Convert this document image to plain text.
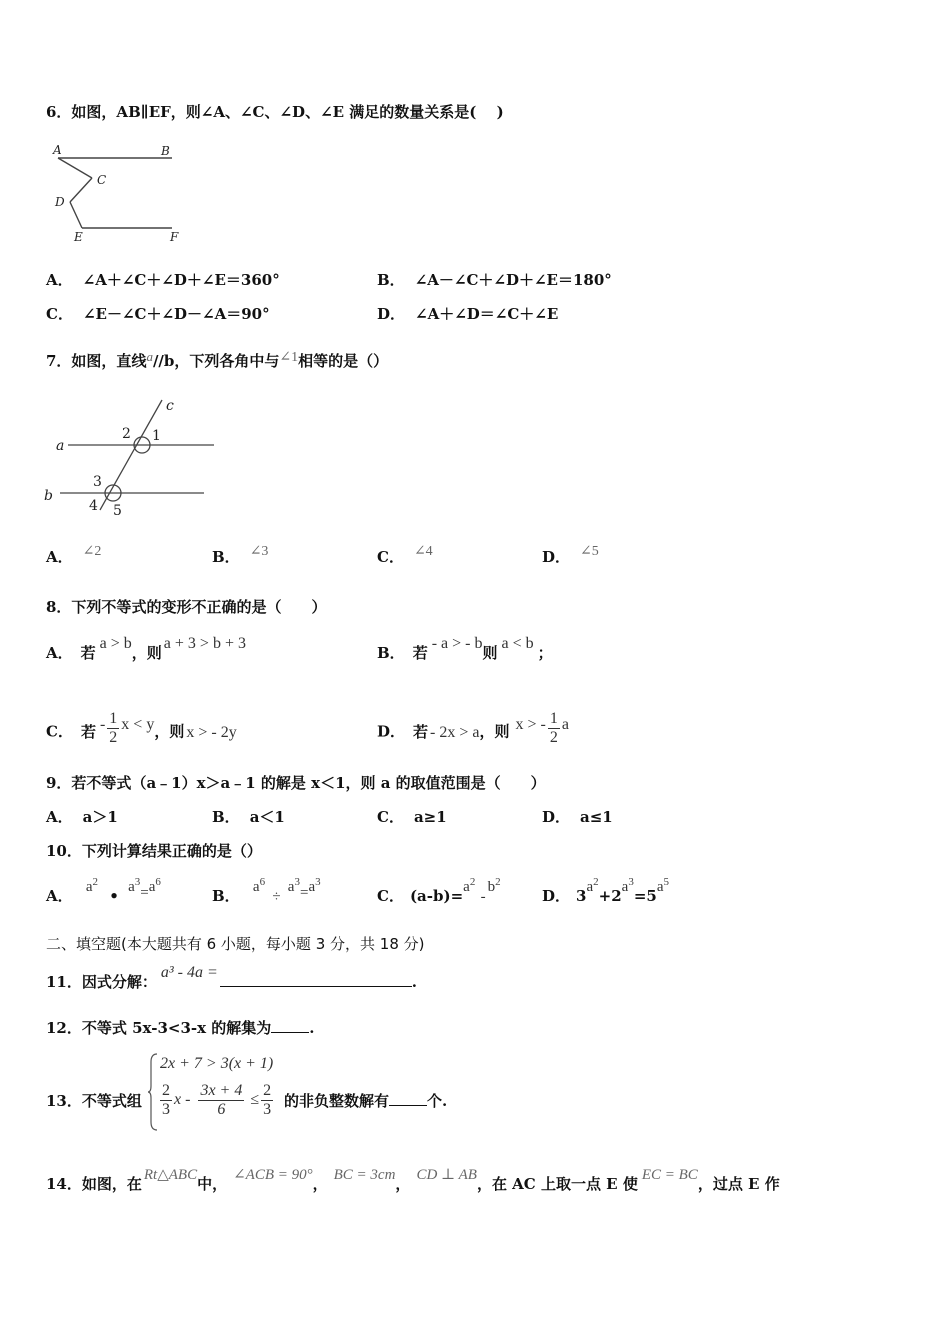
6．如图，AB∥EF，则∠A、∠C、∠D、∠E 满足的数量关系是(　 )
A	B
C
D
E	F
A． ∠A＋∠C＋∠D＋∠E＝360°	B． ∠A－∠C＋∠D＋∠E＝180°
C． ∠E－∠C＋∠D－∠A＝90°	D． ∠A＋∠D＝∠C＋∠E
7．如图，直线a//b，下列各角中与∠1相等的是（）
c
a
b
1
2
3
4 5
A． ∠2	B． ∠3	C． ∠4	D． ∠5
8．下列不等式的变形不正确的是（　　）
A． 若a > b，则a + 3 > b + 3
B． 若- a > - b则a < b；
C． 若 - $\frac{1}{2}$ x < y，则 x > - 2y	D． 若 - 2x > a，则 x > - $\frac{1}{2}$ a
9．若不等式（a﹣1）x＞a﹣1 的解是 x＜1，则 a 的取值范围是（　　）
A． a＞1	B． a＜1	C． a≥1	D． a≤1
10．下列计算结果正确的是（）
A． $a^2$ • $a^3=a^6$
B． $a^6 \div a^3=a^3$
C． $(a-b)=a^2$ $-b^2$
D． $3a^2+2a^3=5a^5$
二、填空题(本大题共有 6 小题，每小题 3 分，共 18 分)
11．因式分解：a³ - 4a =.
12．不等式 5x-3<3-x 的解集为	.
13．不等式组
2x + 7 > 3(x + 1)
$\frac{2}{3}$ $x - \frac{3x + 4}{6} \le \frac{2}{3}$ 的非负整数解有	个.
14．如图，在 Rt△ABC中， ∠ACB = 90°， BC = 3cm， CD ⊥ AB，在 AC 上取一点 E 使 EC = BC，过点 E 作
